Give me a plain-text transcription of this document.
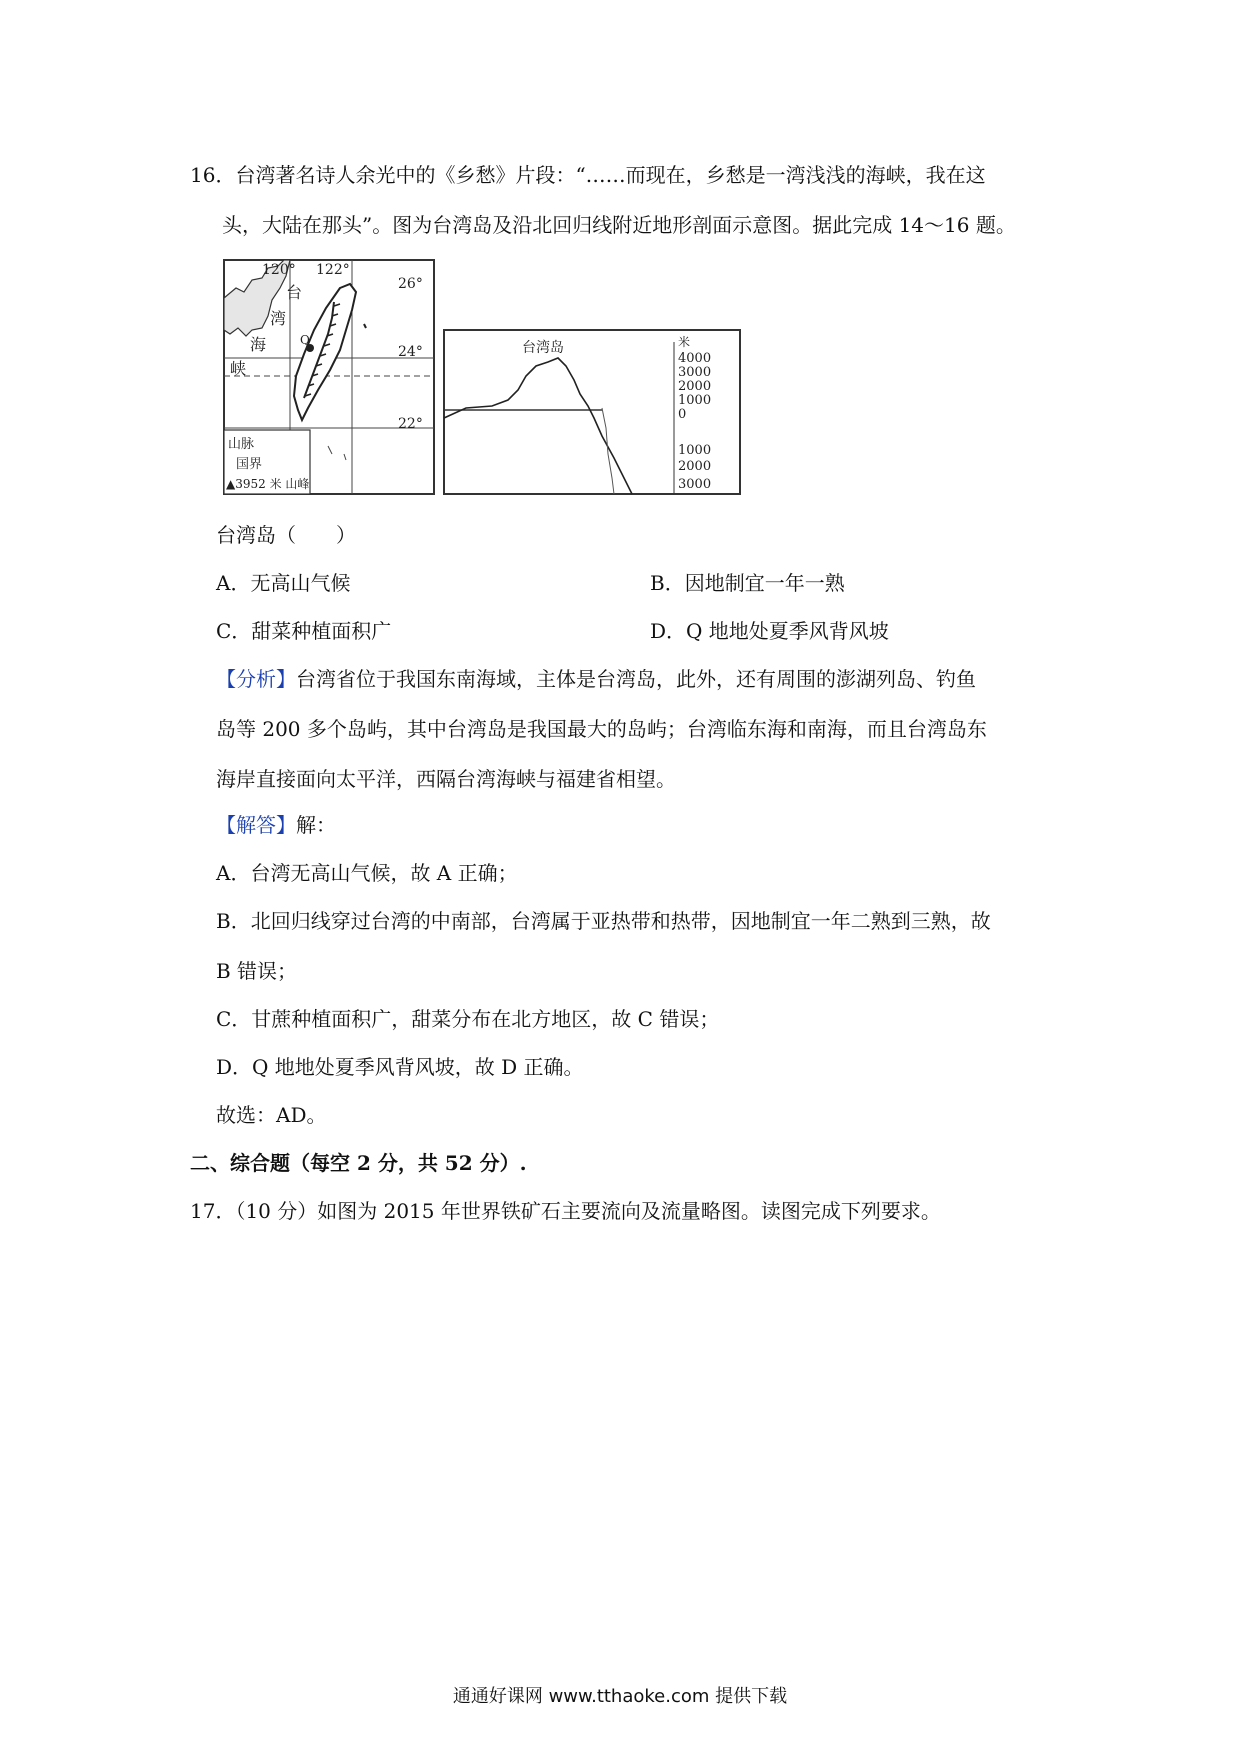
16．台湾著名诗人余光中的《乡愁》片段：“……而现在，乡愁是一湾浅浅的海峡，我在这
头，大陆在那头”。图为台湾岛及沿北回归线附近地形剖面示意图。据此完成 14～16 题。
120° 122°
26°
24°
22°
台
湾
海
峡
Q
山脉
国界
▲3952 米 山峰
台湾岛	米
4000
3000
2000
1000
0
1000
2000
3000
台湾岛（　　）
A．无高山气候	B．因地制宜一年一熟
C．甜菜种植面积广	D．Q 地地处夏季风背风坡
【分析】台湾省位于我国东南海域，主体是台湾岛，此外，还有周围的澎湖列岛、钓鱼
岛等 200 多个岛屿，其中台湾岛是我国最大的岛屿；台湾临东海和南海，而且台湾岛东
海岸直接面向太平洋，西隔台湾海峡与福建省相望。
【解答】解：
A．台湾无高山气候，故 A 正确；
B．北回归线穿过台湾的中南部，台湾属于亚热带和热带，因地制宜一年二熟到三熟，故
B 错误；
C．甘蔗种植面积广，甜菜分布在北方地区，故 C 错误；
D．Q 地地处夏季风背风坡，故 D 正确。
故选：AD。
二、综合题（每空 2 分，共 52 分）.
17．（10 分）如图为 2015 年世界铁矿石主要流向及流量略图。读图完成下列要求。
通通好课网 www.tthaoke.com 提供下载
